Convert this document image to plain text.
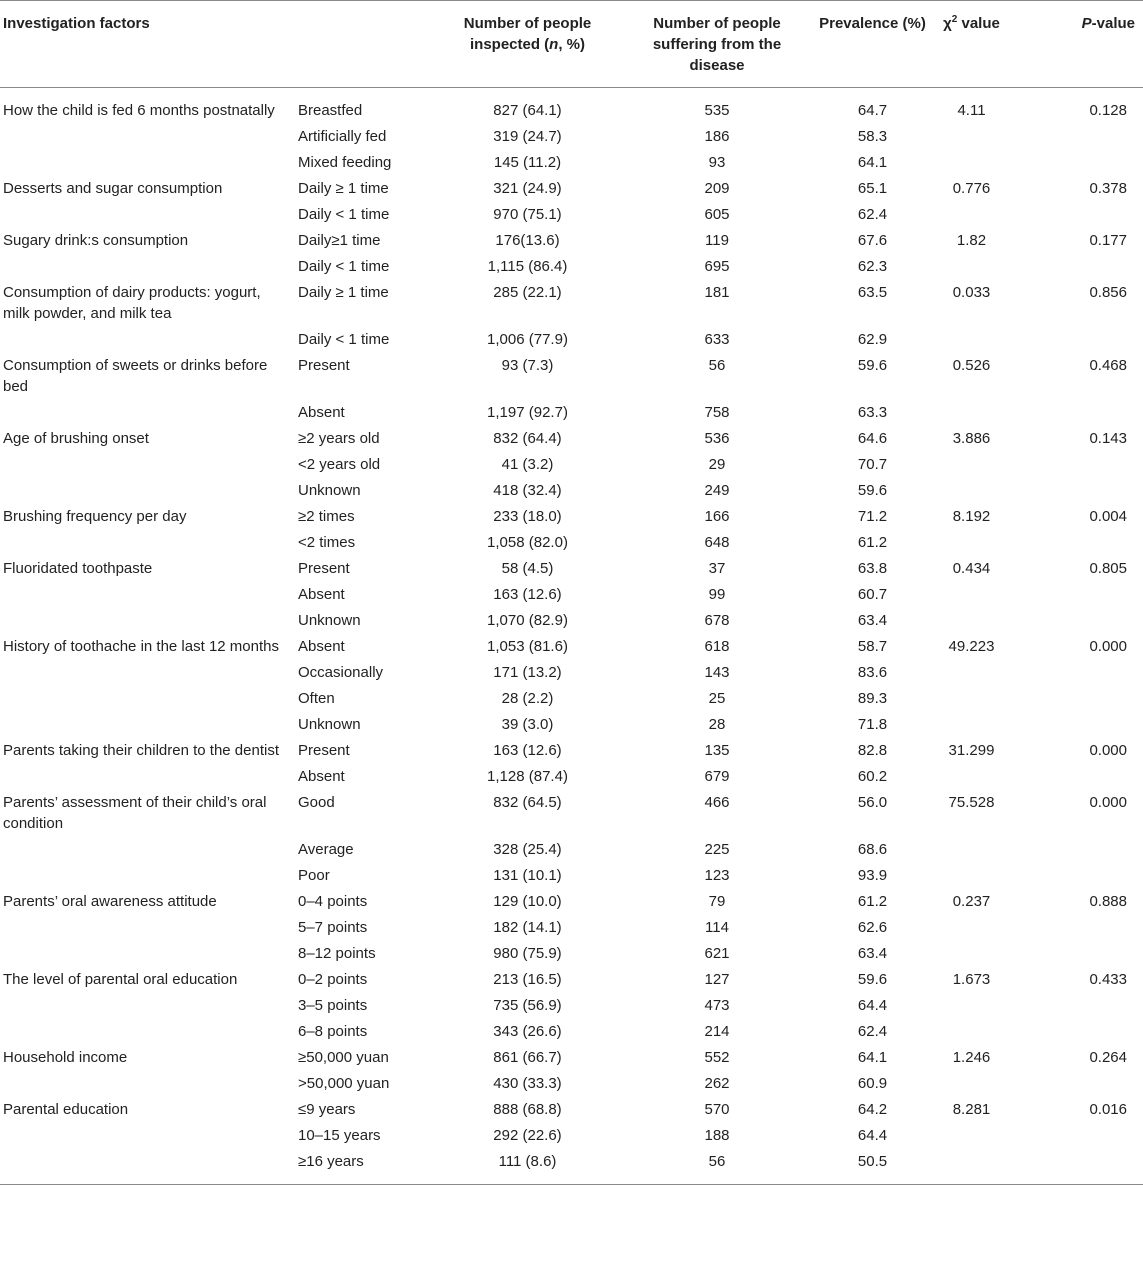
Investigation factors		Number of people inspected (n, %)	Number of people suffering from the disease	Prevalence (%)	$\chi^2$ value	P-value
How the child is fed 6 months postnatally	Breastfed	827 (64.1)	535	64.7	4.11	0.128
	Artificially fed	319 (24.7)	186	58.3		
	Mixed feeding	145 (11.2)	93	64.1		
Desserts and sugar consumption	Daily ≥ 1 time	321 (24.9)	209	65.1	0.776	0.378
	Daily < 1 time	970 (75.1)	605	62.4		
Sugary drink:s consumption	Daily≥1 time	176(13.6)	119	67.6	1.82	0.177
	Daily < 1 time	1,115 (86.4)	695	62.3		
Consumption of dairy products: yogurt, milk powder, and milk tea	Daily ≥ 1 time	285 (22.1)	181	63.5	0.033	0.856
	Daily < 1 time	1,006 (77.9)	633	62.9		
Consumption of sweets or drinks before bed	Present	93 (7.3)	56	59.6	0.526	0.468
	Absent	1,197 (92.7)	758	63.3		
Age of brushing onset	≥2 years old	832 (64.4)	536	64.6	3.886	0.143
	<2 years old	41 (3.2)	29	70.7		
	Unknown	418 (32.4)	249	59.6		
Brushing frequency per day	≥2 times	233 (18.0)	166	71.2	8.192	0.004
	<2 times	1,058 (82.0)	648	61.2		
Fluoridated toothpaste	Present	58 (4.5)	37	63.8	0.434	0.805
	Absent	163 (12.6)	99	60.7		
	Unknown	1,070 (82.9)	678	63.4		
History of toothache in the last 12 months	Absent	1,053 (81.6)	618	58.7	49.223	0.000
	Occasionally	171 (13.2)	143	83.6		
	Often	28 (2.2)	25	89.3		
	Unknown	39 (3.0)	28	71.8		
Parents taking their children to the dentist	Present	163 (12.6)	135	82.8	31.299	0.000
	Absent	1,128 (87.4)	679	60.2		
Parents’ assessment of their child’s oral condition	Good	832 (64.5)	466	56.0	75.528	0.000
	Average	328 (25.4)	225	68.6		
	Poor	131 (10.1)	123	93.9		
Parents’ oral awareness attitude	0–4 points	129 (10.0)	79	61.2	0.237	0.888
	5–7 points	182 (14.1)	114	62.6		
	8–12 points	980 (75.9)	621	63.4		
The level of parental oral education	0–2 points	213 (16.5)	127	59.6	1.673	0.433
	3–5 points	735 (56.9)	473	64.4		
	6–8 points	343 (26.6)	214	62.4		
Household income	≥50,000 yuan	861 (66.7)	552	64.1	1.246	0.264
	>50,000 yuan	430 (33.3)	262	60.9		
Parental education	≤9 years	888 (68.8)	570	64.2	8.281	0.016
	10–15 years	292 (22.6)	188	64.4		
	≥16 years	111 (8.6)	56	50.5		
